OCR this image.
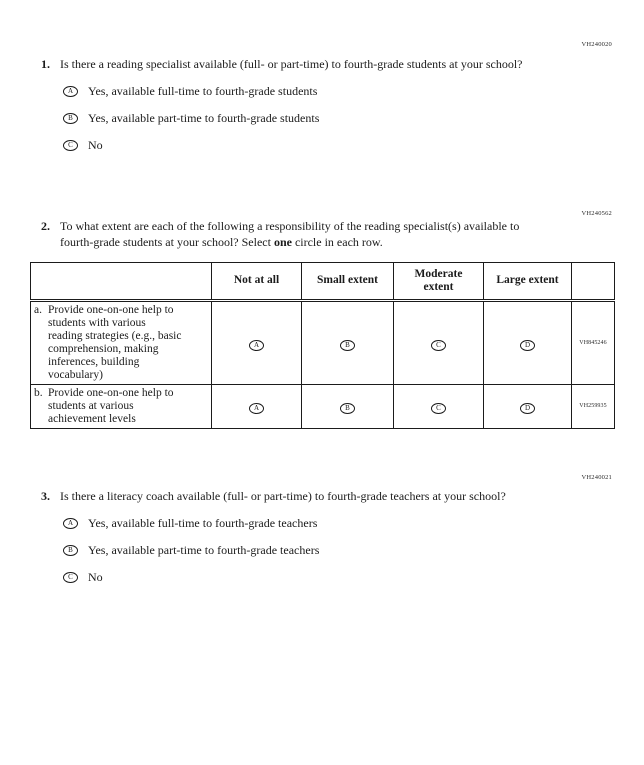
VH240020
1. Is there a reading specialist available (full- or part-time) to fourth-grade students at your school?
A	Yes, available full-time to fourth-grade students
B	Yes, available part-time to fourth-grade students
C	No
VH240562
2. To what extent are each of the following a responsibility of the reading specialist(s) available to fourth-grade students at your school? Select one circle in each row.
	Not at all	Small extent	Moderate extent	Large extent	

a. Provide one-on-one help to students with various reading strategies (e.g., basic comprehension, making inferences, building vocabulary)	A	B	C	D	VH845246

b. Provide one-on-one help to students at various achievement levels	A	B	C	D	VH259935
VH240021
3. Is there a literacy coach available (full- or part-time) to fourth-grade teachers at your school?
A	Yes, available full-time to fourth-grade teachers
B	Yes, available part-time to fourth-grade teachers
C	No
